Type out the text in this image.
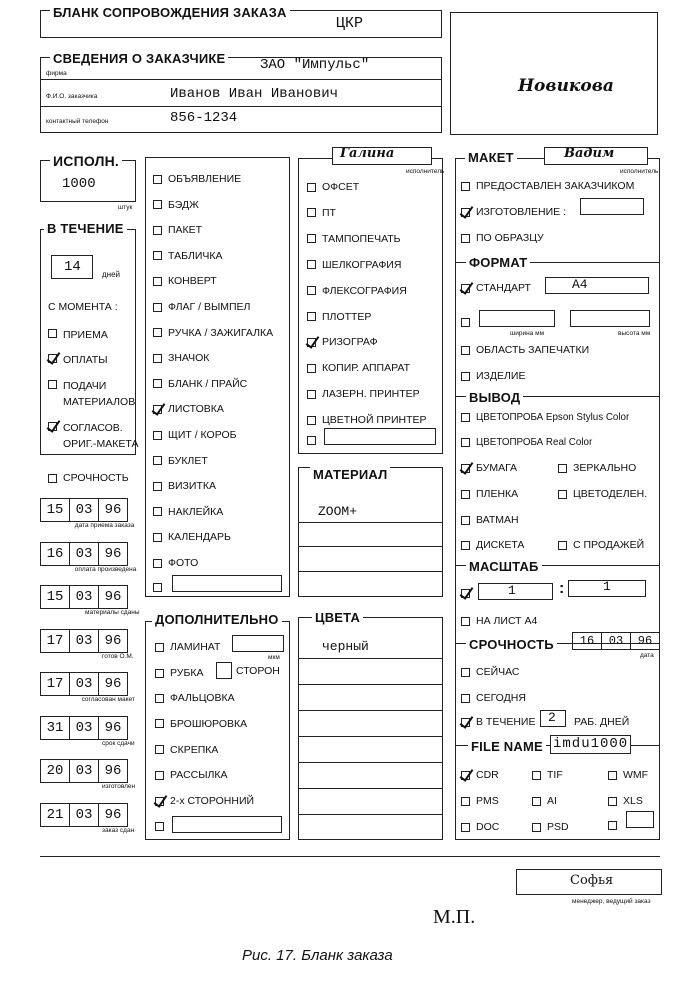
БЛАНК СОПРОВОЖДЕНИЯ ЗАКАЗА
ЦКР
СВЕДЕНИЯ О ЗАКАЗЧИКЕ
фирма
ЗАО "Импульс"
Ф.И.О. заказчика	Иванов Иван Иванович
контактный телефон	856-1234
Новикова
ИСПОЛН.
1000
штук
В ТЕЧЕНИЕ
14	дней
С МОМЕНТА :
ПРИЕМА
ОПЛАТЫ
ПОДАЧИ МАТЕРИАЛОВ
СОГЛАСОВ. ОРИГ.-МАКЕТА
СРОЧНОСТЬ
15 03 96
дата приема заказа
16 03 96
оплата произведена
15 03 96
материалы сданы
17 03 96
готов О.М.
17 03 96
согласован макет
31 03 96
срок сдачи
20 03 96
изготовлен
21 03 96
заказ сдан
ОБЪЯВЛЕНИЕ
БЭДЖ
ПАКЕТ
ТАБЛИЧКА
КОНВЕРТ
ФЛАГ / ВЫМПЕЛ
РУЧКА / ЗАЖИГАЛКА
ЗНАЧОК
БЛАНК / ПРАЙС
ЛИСТОВКА
ЩИТ / КОРОБ
БУКЛЕТ
ВИЗИТКА
НАКЛЕЙКА
КАЛЕНДАРЬ
ФОТО
ДОПОЛНИТЕЛЬНО
ЛАМИНАТ
мкм
РУБКА	СТОРОН
ФАЛЬЦОВКА
БРОШЮРОВКА
СКРЕПКА
РАССЫЛКА
2-х СТОРОННИЙ
Галина
исполнитель
ОФСЕТ
ПТ
ТАМПОПЕЧАТЬ
ШЕЛКОГРАФИЯ
ФЛЕКСОГРАФИЯ
ПЛОТТЕР
РИЗОГРАФ
КОПИР. АППАРАТ
ЛАЗЕРН. ПРИНТЕР
ЦВЕТНОЙ ПРИНТЕР
МАТЕРИАЛ
ZOOM+
ЦВЕТА
черный
МАКЕТ	Вадим
исполнитель
ПРЕДОСТАВЛЕН ЗАКАЗЧИКОМ
ИЗГОТОВЛЕНИЕ :
ПО ОБРАЗЦУ
ФОРМАТ
СТАНДАРТ	А4
ширина мм	высота мм
ОБЛАСТЬ ЗАПЕЧАТКИ
ИЗДЕЛИЕ
ВЫВОД
ЦВЕТОПРОБА Epson Stylus Color
ЦВЕТОПРОБА Real Color
БУМАГА	ЗЕРКАЛЬНО
ПЛЕНКА	ЦВЕТОДЕЛЕН.
ВАТМАН
ДИСКЕТА	С ПРОДАЖЕЙ
МАСШТАБ
1	:	1
НА ЛИСТ А4
СРОЧНОСТЬ	16	03	96
дата
СЕЙЧАС
СЕГОДНЯ
В ТЕЧЕНИЕ 2 РАБ. ДНЕЙ
FILE NAME imdu1000
CDR	TIF	WMF
PMS	AI	XLS
DOC	PSD
Софья
менеджер, ведущий заказ
М.П.
Рис. 17. Бланк заказа
